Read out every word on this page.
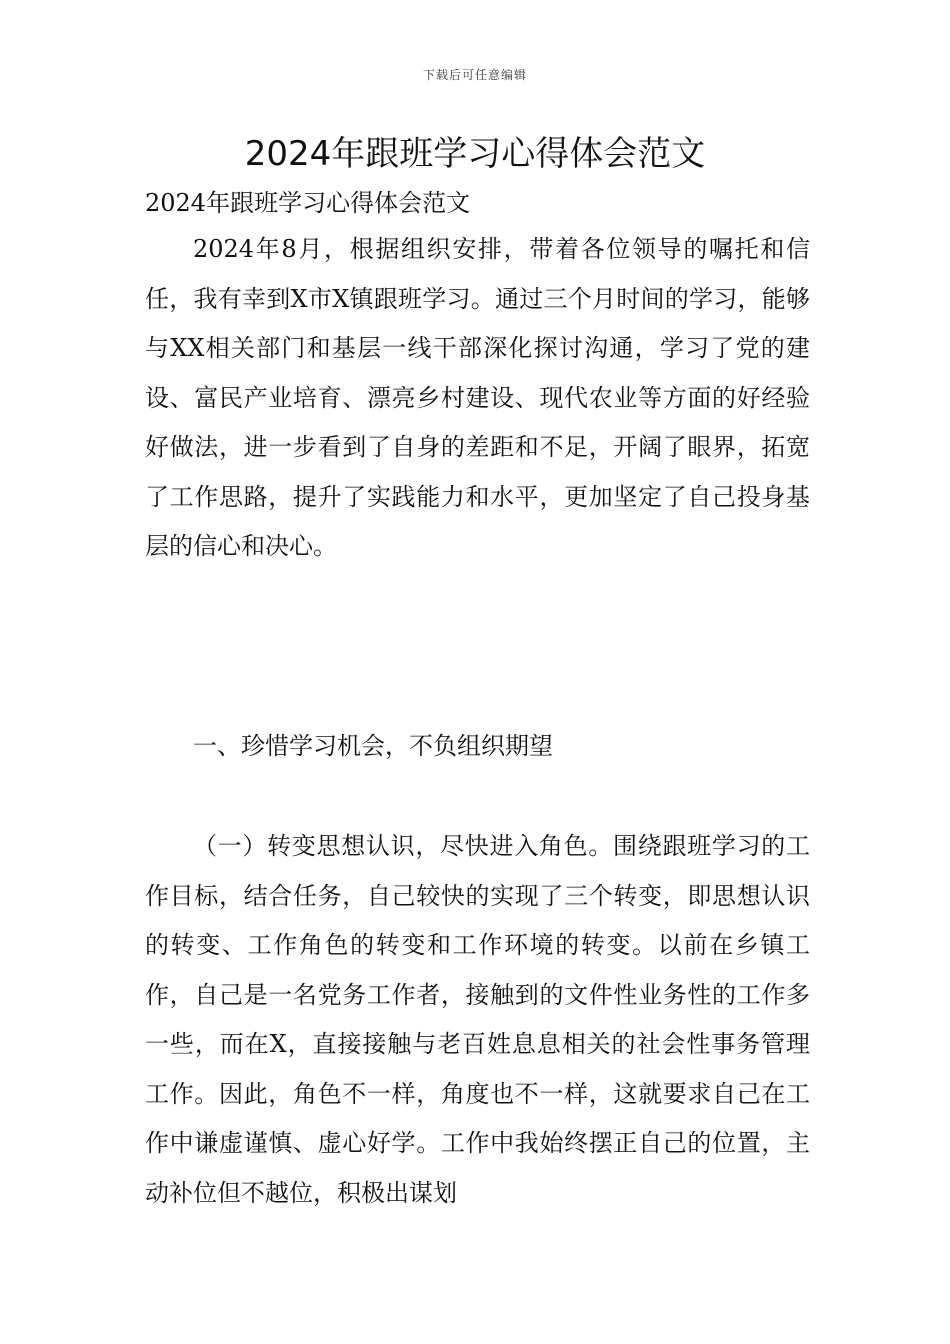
下载后可任意编辑
2024年跟班学习心得体会范文

2024年跟班学习心得体会范文

2024年8月，根据组织安排，带着各位领导的嘱托和信任，我有幸到X市X镇跟班学习。通过三个月时间的学习，能够与XX相关部门和基层一线干部深化探讨沟通，学习了党的建设、富民产业培育、漂亮乡村建设、现代农业等方面的好经验好做法，进一步看到了自身的差距和不足，开阔了眼界，拓宽了工作思路，提升了实践能力和水平，更加坚定了自己投身基层的信心和决心。

一、珍惜学习机会，不负组织期望

（一）转变思想认识，尽快进入角色。围绕跟班学习的工作目标，结合任务，自己较快的实现了三个转变，即思想认识的转变、工作角色的转变和工作环境的转变。以前在乡镇工作，自己是一名党务工作者，接触到的文件性业务性的工作多一些，而在X，直接接触与老百姓息息相关的社会性事务管理工作。因此，角色不一样，角度也不一样，这就要求自己在工作中谦虚谨慎、虚心好学。工作中我始终摆正自己的位置，主动补位但不越位，积极出谋划
